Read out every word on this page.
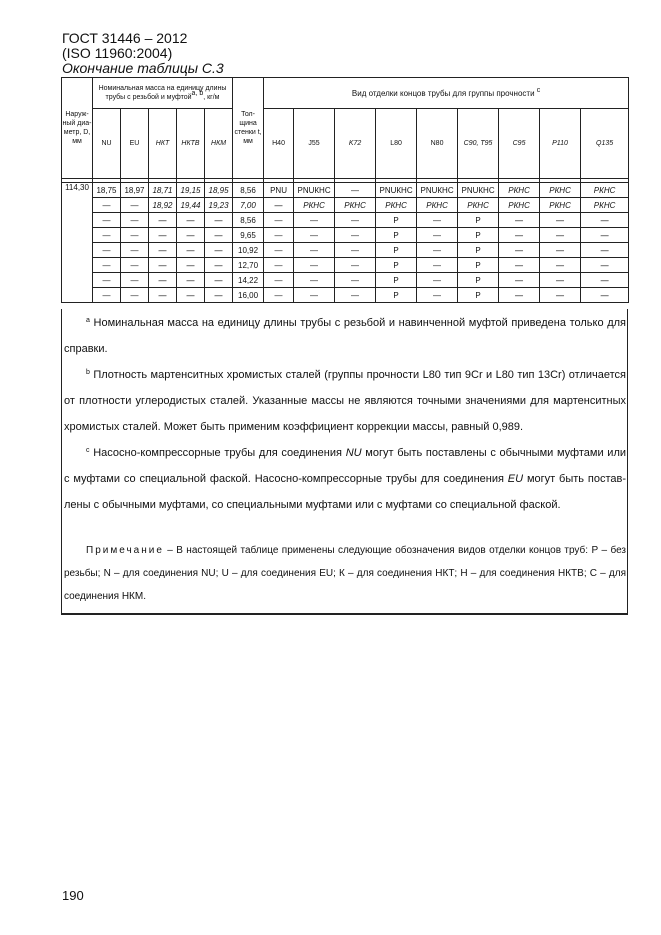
ГОСТ 31446 – 2012
(ISO 11960:2004)
Окончание таблицы С.3
Наруж-ный диа-метр, D, мм	Номинальная масса на единицу длины трубы с резьбой и муфтой$^{a, b}$, кг/м					Тол-щина стенки t, мм	Вид отделки концов трубы для группы прочности $^c$
	NU	EU	НКТ	НКТВ	НКМ		H40	J55	K72	L80	N80	C90, T95	C95	P110	Q135

114,30	18,75	18,97	18,71	19,15	18,95	8,56	PNU	PNUКНС	—	PNUКНС	PNUКНС	PNUКНС	РКНС	РКНС	РКНС
	—	—	18,92	19,44	19,23	7,00	—	РКНС	РКНС	РКНС	РКНС	РКНС	РКНС	РКНС	РКНС
	—	—	—	—	—	8,56	—	—	—	Р	—	Р	—	—	—
	—	—	—	—	—	9,65	—	—	—	Р	—	Р	—	—	—
	—	—	—	—	—	10,92	—	—	—	Р	—	Р	—	—	—
	—	—	—	—	—	12,70	—	—	—	Р	—	Р	—	—	—
	—	—	—	—	—	14,22	—	—	—	Р	—	Р	—	—	—
	—	—	—	—	—	16,00	—	—	—	Р	—	Р	—	—	—
$^a$ Номинальная масса на единицу длины трубы с резьбой и навинченной муфтой приведена только для справки.
$^b$ Плотность мартенситных хромистых сталей (группы прочности L80 тип 9Cr и L80 тип 13Cr) отличается от плотности углеродистых сталей. Указанные массы не являются точными значениями для мартенситных хромистых сталей. Может быть применим коэффициент коррекции массы, равный 0,989.
$^c$ Насосно-компрессорные трубы для соединения NU могут быть поставлены с обычными муфтами или с муфтами со специальной фаской. Насосно-компрессорные трубы для соединения EU могут быть постав-лены с обычными муфтами, со специальными муфтами или с муфтами со специальной фаской.
Примечание – В настоящей таблице применены следующие обозначения видов отделки концов труб: Р – без резьбы; N – для соединения NU; U – для соединения EU; К – для соединения НКТ; Н – для соединения НКТВ; С – для соединения НКМ.
190
